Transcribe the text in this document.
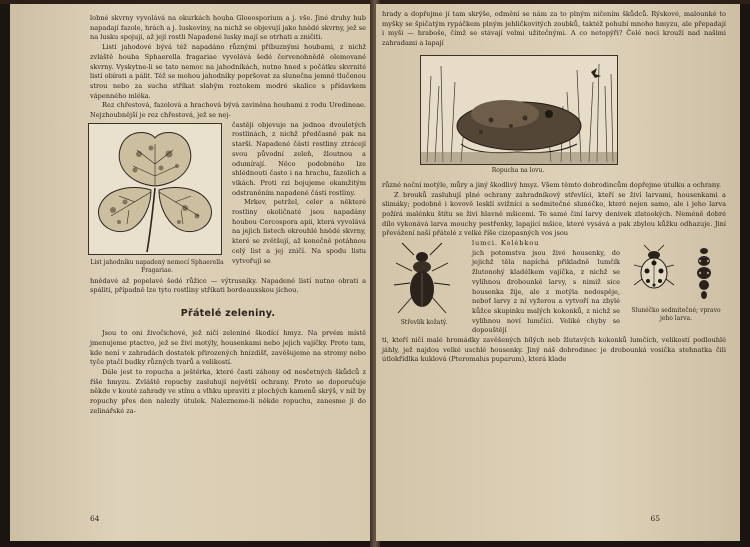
lobné skvrny vyvolává na okurkách houba Gloeosporium a j. vše. Jiné druhy hub napadají fazole, hrách a j. luskoviny, na nichž se objevují jako hnědé skvrny, jež se na lusku spojují, až její rostli Napadené lusky mají se otrhati a zničiti.

Listí jahodové bývá též napadáno různými příbuznými houbami, z nichž zvláště houba Sphaerella fragariae vyvolává šedé červenohnědě olemované skvrny. Vyskytne-li se tato nemoc na jahodníkách, nutno hned s počátku skvrnité listí obírati a pálit. Též se mohou jahodníky popršovat za slunečna jemně tlučenou strou nebo za sucha stříkat slabým roztokem modré skalice s přídavkem vápenného mléka.

Rez chřestová, fazolová a hrachová bývá zaviněna houbami z rodu Uredineae. Nejzhoubnější je rez chřestová, jež se nej-

List jahodníku napadený nemocí Sphaerella Fragariae.

častěji objevuje na jednoa dvouletých rostlinách, z nichž předčasně pak na starší. Napadené části rostliny ztrácejí svou původní zeleň, žloutnou a odumírají. Něco podobného lze shlédnouti často i na hrachu, fazolích a vikách. Proti rzi bojujeme okamžitým odstraněním napadené části rostliny.

Mrkev, petržel, celer a některé rostliny okoličnaté jsou napadány houbou Cercospora apii, která vyvolává na jejich listech okrouhlé hnědé skvrny, které se zvětšují, až konečně potáhnou celý list a jej zničí. Na spodu listu vytvořují se

hnědavé až popelavé šedé růžice — výtrusníky. Napadené listí nutno obrati a spáliti, případně lze tyto rostliny stříkati bordeauxskou jíchou.

Přátelé zeleniny.

Jsou to oni živočichové, jež ničí zeleniné škodící hmyz. Na prvém místě jmenujeme ptactvo, jež se živí motýly, housenkami nebo jejich vajíčky. Proto tam, kde není v zahradách dostatek přirozených hnízdišť, zavěšujeme na stromy nebo tyče ptačí budky různých tvarů a velikostí.

Dále jest to ropucha a ještěrka, které časti záhony od nesčetných škůdců z říše hmyzu. Zvláště ropuchy zasluhují největší ochrany. Proto se doporučuje někde v kouté zahrady ve stínu a vlhku upraviti z plochých kamenů skrýš, v níž by ropuchy přes den nalezly útulek. Nalezneme-li někde ropuchu, zanesme ji do zelinářské za-

64

hrady a dopřejme jí tam skrýše, odmění se nám za to plným ničením škůdců. Rýskové, malounké to myšky se špičatým rypáčkem plným jehličkovitých zoubků, taktéž pohubí mnoho hmyzu, ale přepadají i myši — hraboše, čímž se stávají velmi užitečnými. A co netopýři? Čelé noci krouží nad našimi zahradami a lapají

Ropucha na lovu.

různé noční motýle, můry a jiný škodlivý hmyz. Všem těmto dobrodincům dopřejme útulku a ochrany.

Z brouků zasluhují plné ochrany zahradníkový střevlíci, kteří se živí larvami, housenkami a slimáky; podobně i kovově lesklí svižníci a sedmitečné slunéčko, které nejen samo, ale i jeho larva požírá malénku štítu se živí hlavně mšicemi. To samé činí larvy denivek zlatookých. Neméně dobré dílo vykonává larva mouchy pestřenky, lapající mšice, které vysává a pak zbylou kůžku odhazuje. Jiní převážení naší přátelé z velké říše cizopasných vos jsou

Střevlík kožatý.
Slunéčko sedmitečné; vpravo jeho larva.

lumci. Kolébkou

jich potomstva jsou živé housenky, do jejichž těla napíchá přikladně lumčík žlutonohý kladélkem vajíčka, z nichž se vylíhnou drobounké larvy, s nimiž sice housenka žije, ale z motýla nedospěje, neboť larvy z ní vyžerou a vytvoří na zbylé kůžce skupinku malých kokonků, z nichž se vylíhnou noví lumčíci. Veliké chyby se dopouštějí

ti, kteří ničí malé hromádky zavěšených bílých neb žlutavých kokonků lumčích, velikostí podlouhlé jáhly, jež najdou velké uschlé housenky. Jiný náš dobrodinec je drobounká vosička stehnatka čili útlokřídlka kuklová (Pteromalus puparum), která klade

65
